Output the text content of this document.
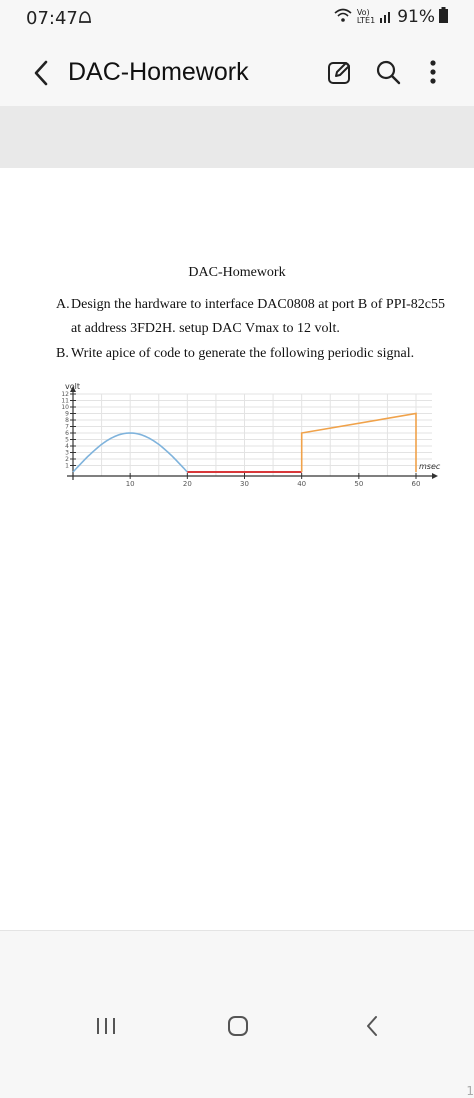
07:47	Vo)
LTE1 91%
DAC-Homework
DAC-Homework
A. Design the hardware to interface DAC0808 at port B of PPI-82c55
at address 3FD2H. setup DAC Vmax to 12 volt.
B. Write apice of code to generate the following periodic signal.
1
2
3
4
5
6
7
8
9
10
11
12
10	20	30	40	50	60
volt
msec
1
